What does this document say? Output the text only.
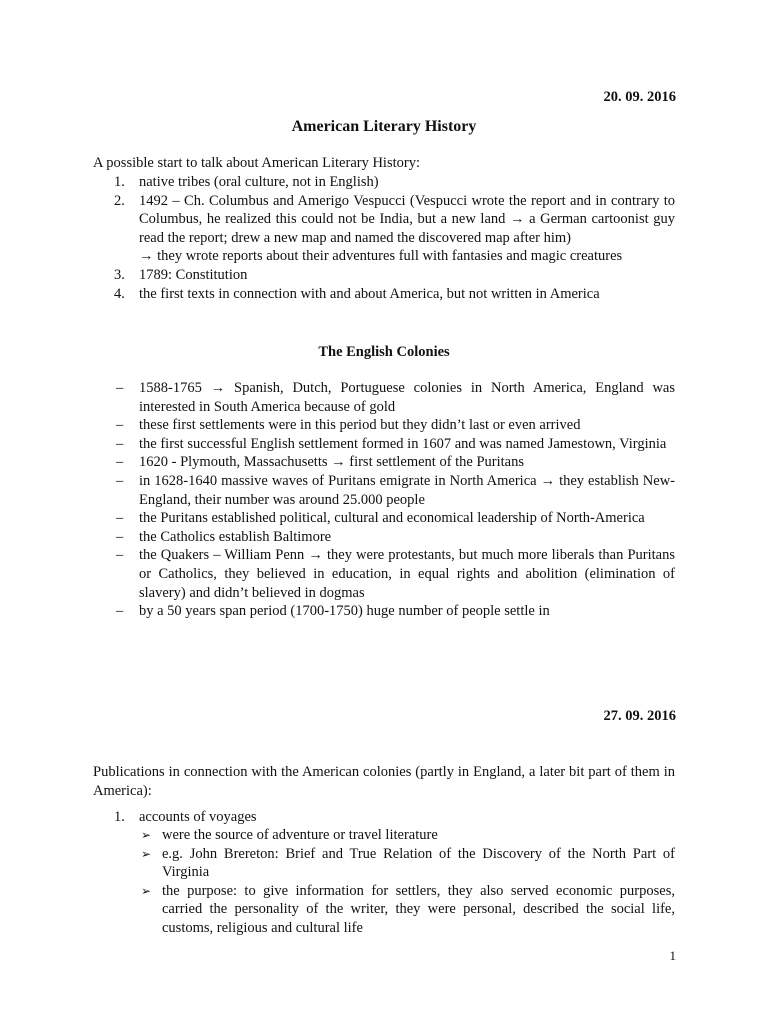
20. 09. 2016
American Literary History
A possible start to talk about American Literary History:
1. native tribes (oral culture, not in English)
2. 1492 – Ch. Columbus and Amerigo Vespucci (Vespucci wrote the report and in contrary to Columbus, he realized this could not be India, but a new land → a German cartoonist guy read the report; drew a new map and named the discovered map after him)
→ they wrote reports about their adventures full with fantasies and magic creatures
3. 1789: Constitution
4. the first texts in connection with and about America, but not written in America
The English Colonies
– 1588-1765 → Spanish, Dutch, Portuguese colonies in North America, England was interested in South America because of gold
– these first settlements were in this period but they didn’t last or even arrived
– the first successful English settlement formed in 1607 and was named Jamestown, Virginia
– 1620 - Plymouth, Massachusetts → first settlement of the Puritans
– in 1628-1640 massive waves of Puritans emigrate in North America → they establish New-England, their number was around 25.000 people
– the Puritans established political, cultural and economical leadership of North-America
– the Catholics establish Baltimore
– the Quakers – William Penn → they were protestants, but much more liberals than Puritans or Catholics, they believed in education, in equal rights and abolition (elimination of slavery) and didn’t believed in dogmas
– by a 50 years span period (1700-1750) huge number of people settle in
27. 09. 2016
Publications in connection with the American colonies (partly in England, a later bit part of them in America):
1. accounts of voyages
➢ were the source of adventure or travel literature
➢ e.g. John Brereton: Brief and True Relation of the Discovery of the North Part of Virginia
➢ the purpose: to give information for settlers, they also served economic purposes, carried the personality of the writer, they were personal, described the social life, customs, religious and cultural life
1
